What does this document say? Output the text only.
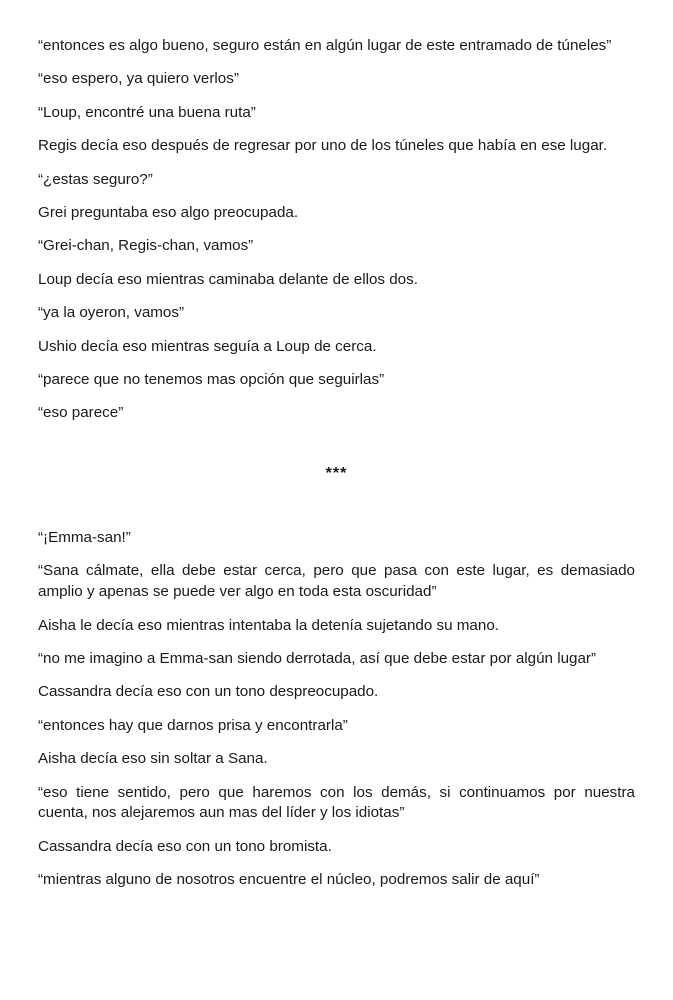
“entonces es algo bueno, seguro están en algún lugar de este entramado de túneles”

“eso espero, ya quiero verlos”

“Loup, encontré una buena ruta”

Regis decía eso después de regresar por uno de los túneles que había en ese lugar.

“¿estas seguro?”

Grei preguntaba eso algo preocupada.

“Grei-chan, Regis-chan, vamos”

Loup decía eso mientras caminaba delante de ellos dos.

“ya la oyeron, vamos”

Ushio decía eso mientras seguía a Loup de cerca.

“parece que no tenemos mas opción que seguirlas”

“eso parece”

***

“¡Emma-san!”

“Sana cálmate, ella debe estar cerca, pero que pasa con este lugar, es demasiado amplio y apenas se puede ver algo en toda esta oscuridad”

Aisha le decía eso mientras intentaba la detenía sujetando su mano.

“no me imagino a Emma-san siendo derrotada, así que debe estar por algún lugar”

Cassandra decía eso con un tono despreocupado.

“entonces hay que darnos prisa y encontrarla”

Aisha decía eso sin soltar a Sana.

“eso tiene sentido, pero que haremos con los demás, si continuamos por nuestra cuenta, nos alejaremos aun mas del líder y los idiotas”

Cassandra decía eso con un tono bromista.

“mientras alguno de nosotros encuentre el núcleo, podremos salir de aquí”
